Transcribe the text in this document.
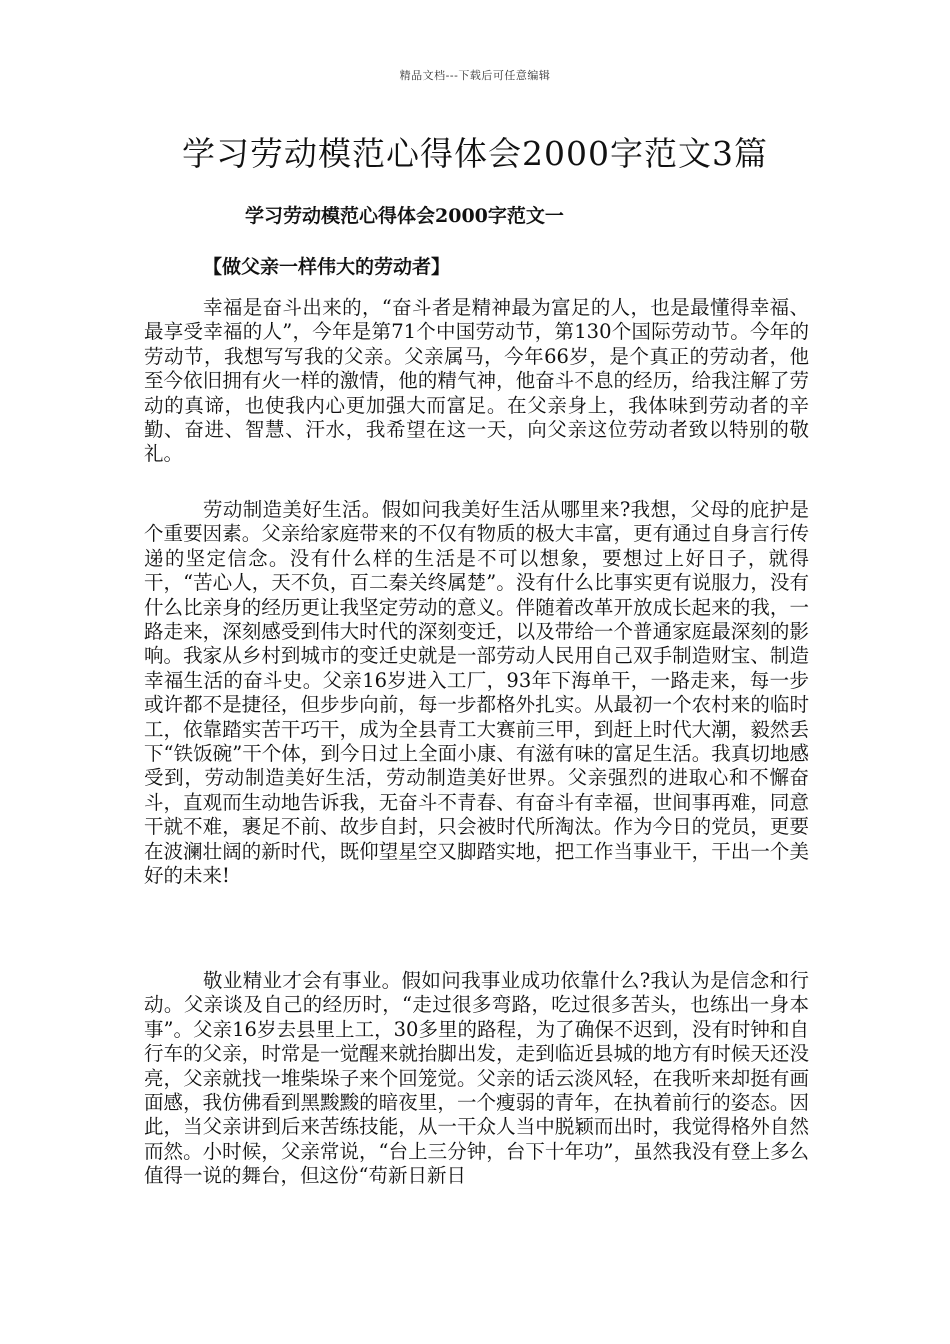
精品文档---下载后可任意编辑
学习劳动模范心得体会2000字范文3篇
学习劳动模范心得体会2000字范文一
【做父亲一样伟大的劳动者】

幸福是奋斗出来的，“奋斗者是精神最为富足的人，也是最懂得幸福、最享受幸福的人”，今年是第71个中国劳动节，第130个国际劳动节。今年的劳动节，我想写写我的父亲。父亲属马，今年66岁，是个真正的劳动者，他至今依旧拥有火一样的激情，他的精气神，他奋斗不息的经历，给我注解了劳动的真谛，也使我内心更加强大而富足。在父亲身上，我体味到劳动者的辛勤、奋进、智慧、汗水，我希望在这一天，向父亲这位劳动者致以特别的敬礼。

劳动制造美好生活。假如问我美好生活从哪里来?我想，父母的庇护是个重要因素。父亲给家庭带来的不仅有物质的极大丰富，更有通过自身言行传递的坚定信念。没有什么样的生活是不可以想象，要想过上好日子，就得干，“苦心人，天不负，百二秦关终属楚”。没有什么比事实更有说服力，没有什么比亲身的经历更让我坚定劳动的意义。伴随着改革开放成长起来的我，一路走来，深刻感受到伟大时代的深刻变迁，以及带给一个普通家庭最深刻的影响。我家从乡村到城市的变迁史就是一部劳动人民用自己双手制造财宝、制造幸福生活的奋斗史。父亲16岁进入工厂，93年下海单干，一路走来，每一步或许都不是捷径，但步步向前，每一步都格外扎实。从最初一个农村来的临时工，依靠踏实苦干巧干，成为全县青工大赛前三甲，到赶上时代大潮，毅然丢下“铁饭碗”干个体，到今日过上全面小康、有滋有味的富足生活。我真切地感受到，劳动制造美好生活，劳动制造美好世界。父亲强烈的进取心和不懈奋斗，直观而生动地告诉我，无奋斗不青春、有奋斗有幸福，世间事再难，同意干就不难，裹足不前、故步自封，只会被时代所淘汰。作为今日的党员，更要在波澜壮阔的新时代，既仰望星空又脚踏实地，把工作当事业干，干出一个美好的未来!

敬业精业才会有事业。假如问我事业成功依靠什么?我认为是信念和行动。父亲谈及自己的经历时，“走过很多弯路，吃过很多苦头，也练出一身本事”。父亲16岁去县里上工，30多里的路程，为了确保不迟到，没有时钟和自行车的父亲，时常是一觉醒来就抬脚出发，走到临近县城的地方有时候天还没亮，父亲就找一堆柴垛子来个回笼觉。父亲的话云淡风轻，在我听来却挺有画面感，我仿佛看到黑黢黢的暗夜里，一个瘦弱的青年，在执着前行的姿态。因此，当父亲讲到后来苦练技能，从一干众人当中脱颖而出时，我觉得格外自然而然。小时候，父亲常说，“台上三分钟，台下十年功”，虽然我没有登上多么值得一说的舞台，但这份“苟新日新日
